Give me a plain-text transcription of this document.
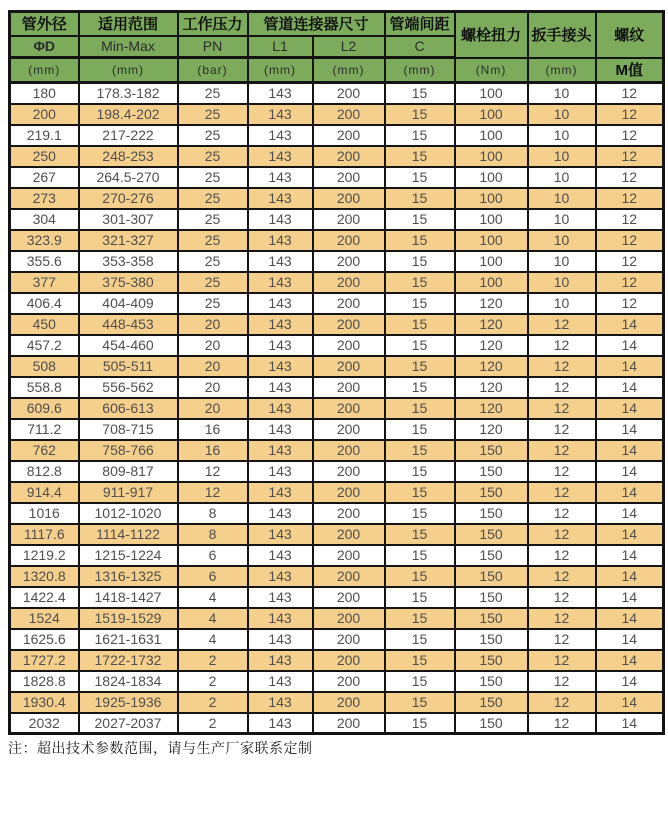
管外径	适用范围	工作压力	管道连接器尺寸		管端间距	螺栓扭力	扳手接头	螺纹
ΦD	Min-Max	PN	L1	L2	C			
(mm)	(mm)	(bar)	(mm)	(mm)	(mm)	(Nm)	(mm)	M值
180	178.3-182	25	143	200	15	100	10	12
200	198.4-202	25	143	200	15	100	10	12
219.1	217-222	25	143	200	15	100	10	12
250	248-253	25	143	200	15	100	10	12
267	264.5-270	25	143	200	15	100	10	12
273	270-276	25	143	200	15	100	10	12
304	301-307	25	143	200	15	100	10	12
323.9	321-327	25	143	200	15	100	10	12
355.6	353-358	25	143	200	15	100	10	12
377	375-380	25	143	200	15	100	10	12
406.4	404-409	25	143	200	15	120	10	12
450	448-453	20	143	200	15	120	12	14
457.2	454-460	20	143	200	15	120	12	14
508	505-511	20	143	200	15	120	12	14
558.8	556-562	20	143	200	15	120	12	14
609.6	606-613	20	143	200	15	120	12	14
711.2	708-715	16	143	200	15	120	12	14
762	758-766	16	143	200	15	150	12	14
812.8	809-817	12	143	200	15	150	12	14
914.4	911-917	12	143	200	15	150	12	14
1016	1012-1020	8	143	200	15	150	12	14
1117.6	1114-1122	8	143	200	15	150	12	14
1219.2	1215-1224	6	143	200	15	150	12	14
1320.8	1316-1325	6	143	200	15	150	12	14
1422.4	1418-1427	4	143	200	15	150	12	14
1524	1519-1529	4	143	200	15	150	12	14
1625.6	1621-1631	4	143	200	15	150	12	14
1727.2	1722-1732	2	143	200	15	150	12	14
1828.8	1824-1834	2	143	200	15	150	12	14
1930.4	1925-1936	2	143	200	15	150	12	14
2032	2027-2037	2	143	200	15	150	12	14
注：超出技术参数范围，请与生产厂家联系定制
